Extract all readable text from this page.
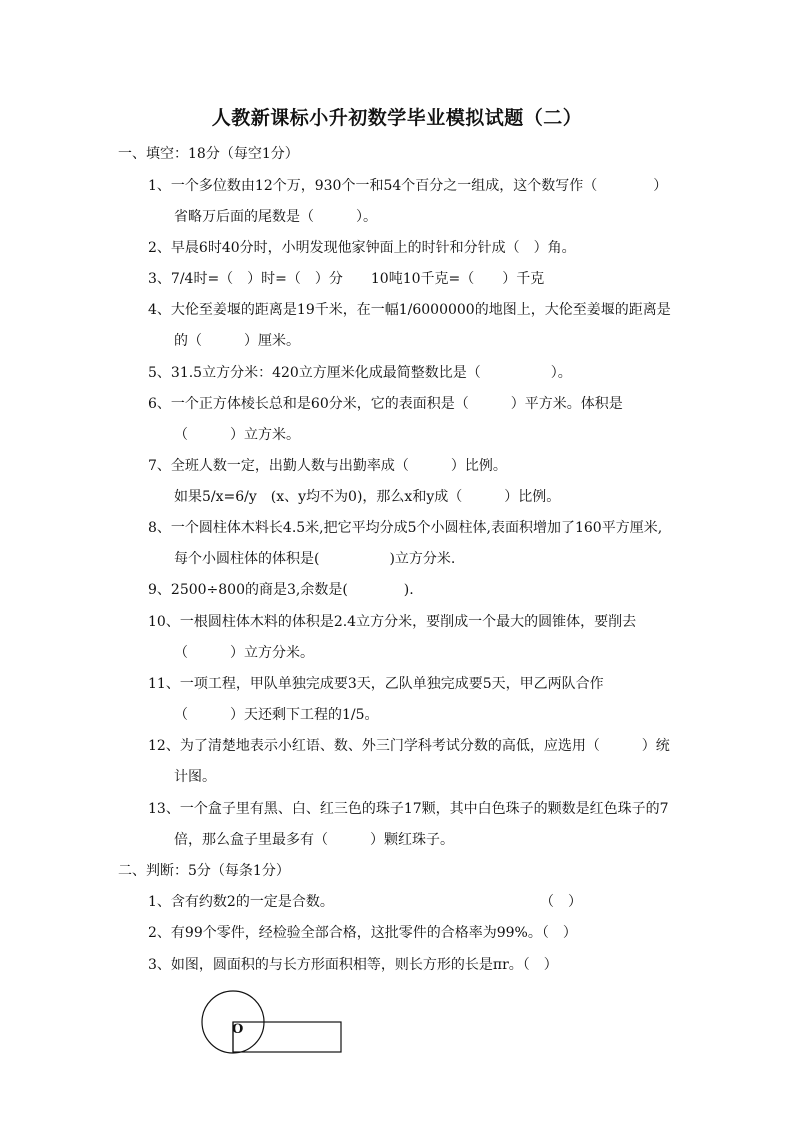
人教新课标小升初数学毕业模拟试题（二）
一、填空：18分（每空1分）
1、一个多位数由12个万，930个一和54个百分之一组成，这个数写作（　　　　）
省略万后面的尾数是（　　　）。
2、早晨6时40分时，小明发现他家钟面上的时针和分针成（　）角。
3、7/4时=（　）时=（　）分　　10吨10千克=（　　）千克
4、大伦至姜堰的距离是19千米，在一幅1/6000000的地图上，大伦至姜堰的距离是
的（　　　）厘米。
5、31.5立方分米：420立方厘米化成最简整数比是（　　　　　）。
6、一个正方体棱长总和是60分米，它的表面积是（　　　）平方米。体积是
（　　　）立方米。
7、全班人数一定，出勤人数与出勤率成（　　　）比例。
如果5/x=6/y　(x、y均不为0)，那么x和y成（　　　）比例。
8、一个圆柱体木料长4.5米,把它平均分成5个小圆柱体,表面积增加了160平方厘米,
每个小圆柱体的体积是(　　　　　)立方分米.
9、2500÷800的商是3,余数是(　　　　).
10、一根圆柱体木料的体积是2.4立方分米，要削成一个最大的圆锥体，要削去
（　　　）立方分米。
11、一项工程，甲队单独完成要3天，乙队单独完成要5天，甲乙两队合作
（　　　）天还剩下工程的1/5。
12、为了清楚地表示小红语、数、外三门学科考试分数的高低，应选用（　　　）统
计图。
13、一个盒子里有黑、白、红三色的珠子17颗，其中白色珠子的颗数是红色珠子的7
倍，那么盒子里最多有（　　　）颗红珠子。
二、判断：5分（每条1分）
1、含有约数2的一定是合数。	（　）
2、有99个零件，经检验全部合格，这批零件的合格率为99%。（　）
3、如图，圆面积的与长方形面积相等，则长方形的长是πr。（　）
O
